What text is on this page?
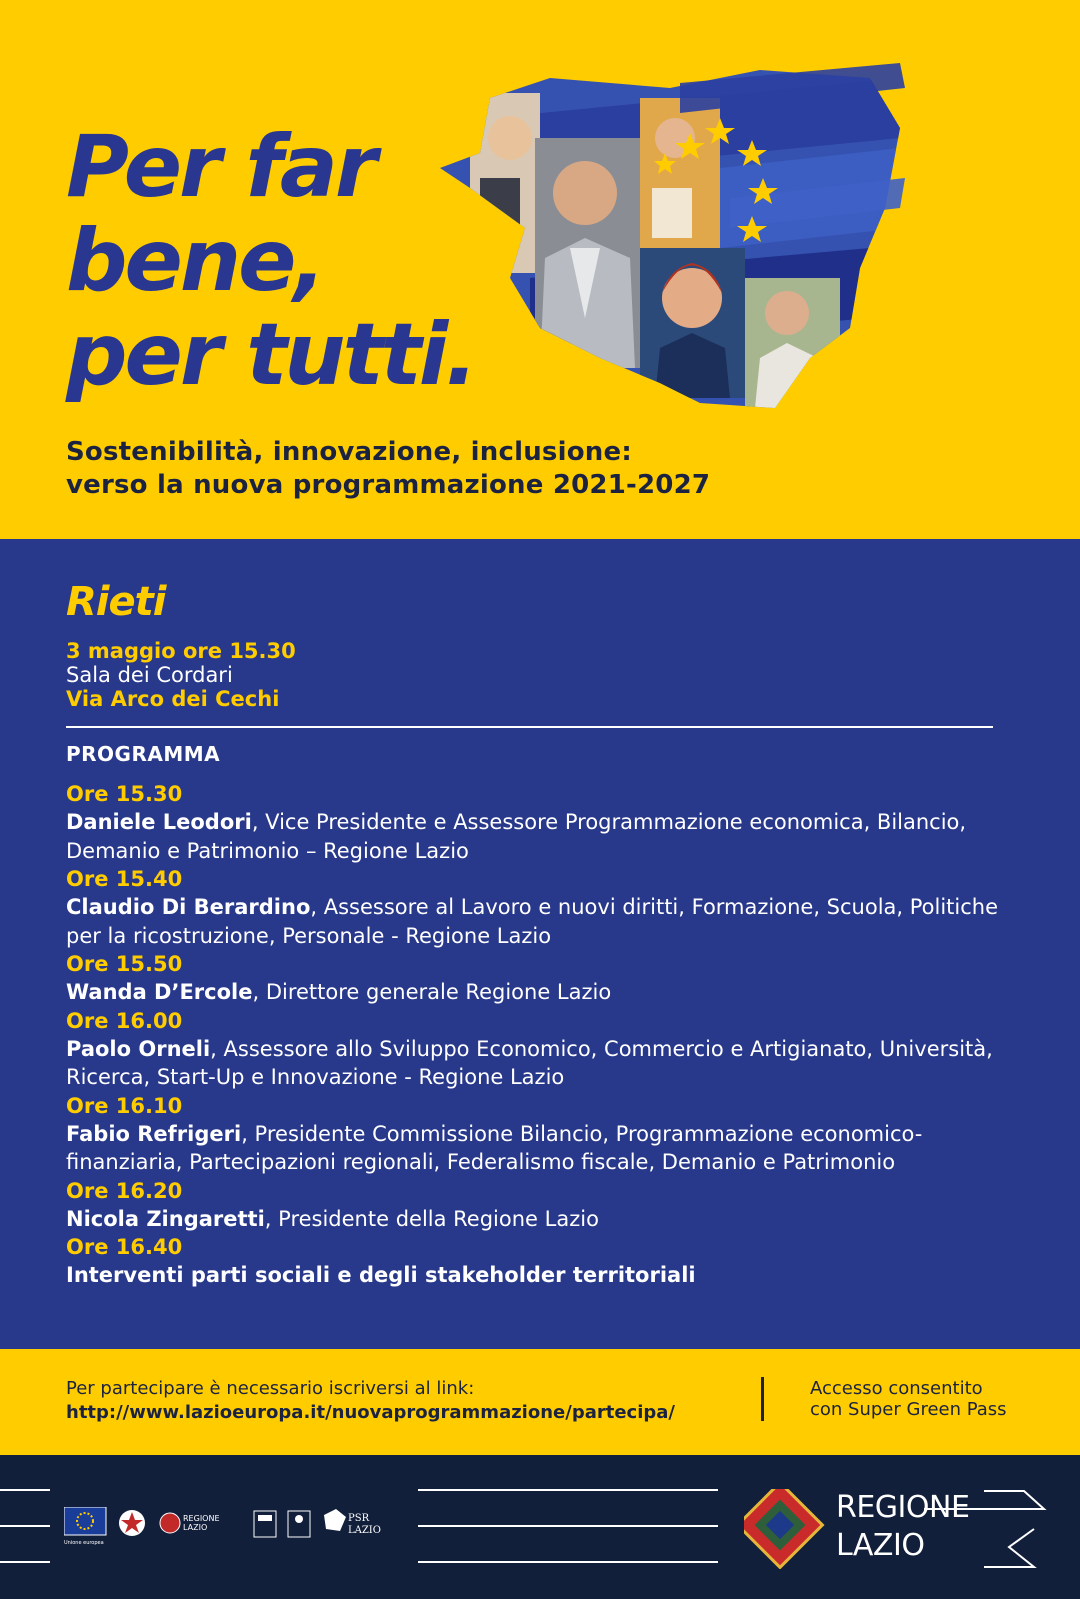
Per far
bene,
per tutti.

Sostenibilità, innovazione, inclusione:
verso la nuova programmazione 2021-2027

Rieti
3 maggio ore 15.30
Sala dei Cordari
Via Arco dei Cechi
PROGRAMMA

Ore 15.30
Daniele Leodori, Vice Presidente e Assessore Programmazione economica, Bilancio, Demanio e Patrimonio – Regione Lazio

Ore 15.40
Claudio Di Berardino, Assessore al Lavoro e nuovi diritti, Formazione, Scuola, Politiche per la ricostruzione, Personale - Regione Lazio

Ore 15.50
Wanda D’Ercole, Direttore generale Regione Lazio

Ore 16.00
Paolo Orneli, Assessore allo Sviluppo Economico, Commercio e Artigianato, Università, Ricerca, Start-Up e Innovazione - Regione Lazio

Ore 16.10
Fabio Refrigeri, Presidente Commissione Bilancio, Programmazione economico-finanziaria, Partecipazioni regionali, Federalismo fiscale, Demanio e Patrimonio

Ore 16.20
Nicola Zingaretti, Presidente della Regione Lazio

Ore 16.40
Interventi parti sociali e degli stakeholder territoriali

Per partecipare è necessario iscriversi al link:
http://www.lazioeuropa.it/nuovaprogrammazione/partecipa/
Accesso consentito
con Super Green Pass
Unione europea
REGIONE
LAZIO
PSR
LAZIO
REGIONE
LAZIO
